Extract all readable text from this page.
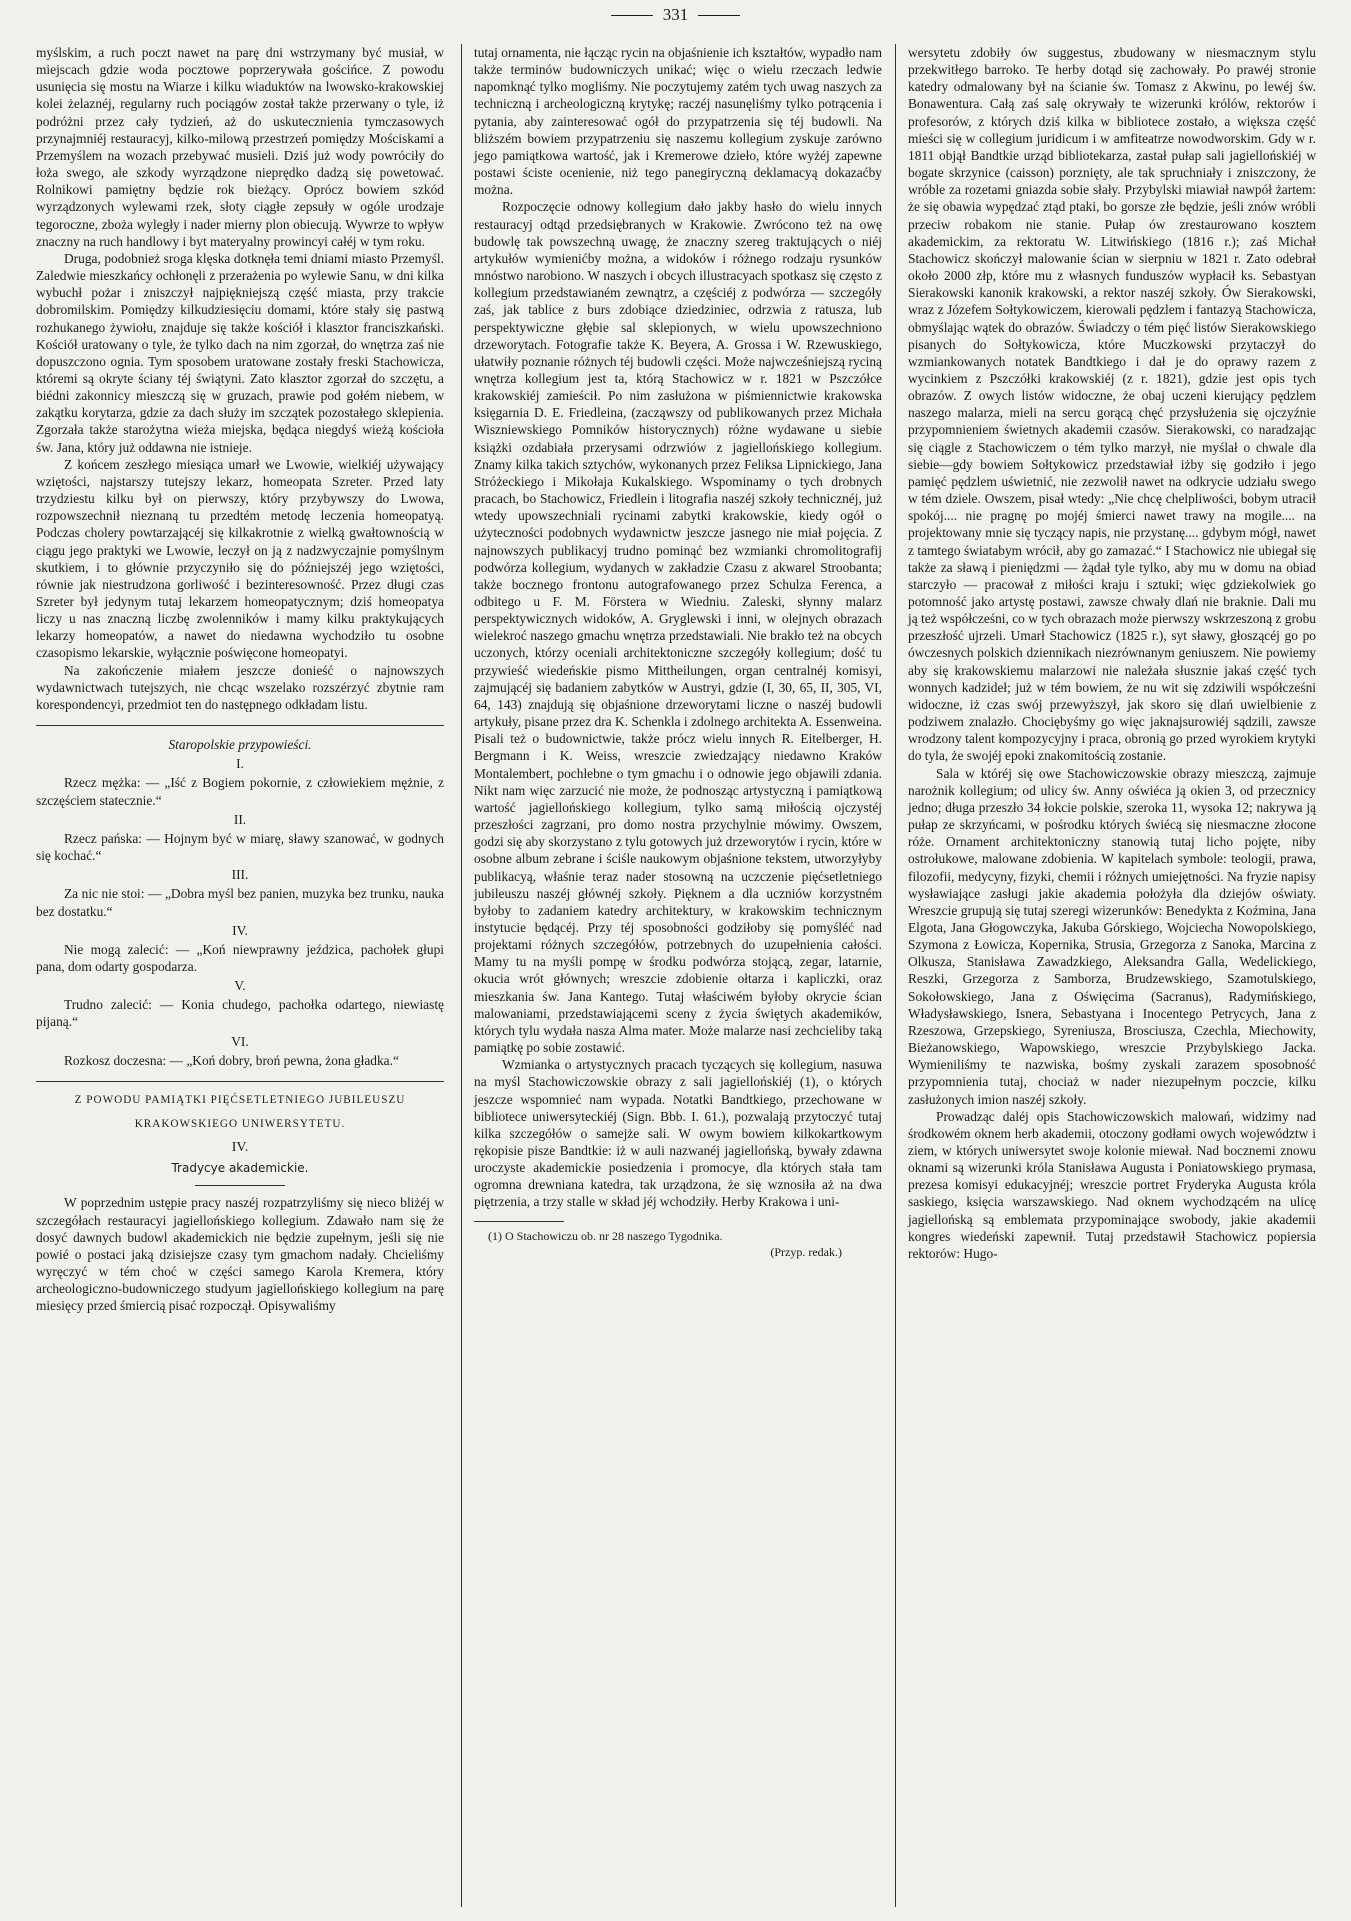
331

myślskim, a ruch poczt nawet na parę dni wstrzymany być musiał, w miejscach gdzie woda pocztowe poprzerywała gościńce. Z powodu usunięcia się mostu na Wiarze i kilku wiaduktów na lwowsko-krakowskiej kolei żelaznéj, regularny ruch pociągów został także przerwany o tyle, iż podróżni przez cały tydzień, aż do uskutecznienia tymczasowych przynajmniéj restauracyj, kilko-milową przestrzeń pomiędzy Mościskami a Przemyślem na wozach przebywać musieli. Dziś już wody powróciły do łoża swego, ale szkody wyrządzone nieprędko dadzą się powetować. Rolnikowi pamiętny będzie rok bieżący. Oprócz bowiem szkód wyrządzonych wylewami rzek, słoty ciągłe zepsuły w ogóle urodzaje tegoroczne, zboża wyległy i nader mierny plon obiecują. Wywrze to wpływ znaczny na ruch handlowy i byt materyalny prowincyi całéj w tym roku.

Druga, podobnież sroga klęska dotknęła temi dniami miasto Przemyśl. Zaledwie mieszkańcy ochłonęli z przerażenia po wylewie Sanu, w dni kilka wybuchł pożar i zniszczył najpiękniejszą część miasta, przy trakcie dobromilskim. Pomiędzy kilkudziesięciu domami, które stały się pastwą rozhukanego żywiołu, znajduje się także kościół i klasztor franciszkański. Kościół uratowany o tyle, że tylko dach na nim zgorzał, do wnętrza zaś nie dopuszczono ognia. Tym sposobem uratowane zostały freski Stachowicza, któremi są okryte ściany téj świątyni. Zato klasztor zgorzał do szczętu, a biédni zakonnicy mieszczą się w gruzach, prawie pod gołém niebem, w zakątku korytarza, gdzie za dach służy im szczątek pozostałego sklepienia. Zgorzała także starożytna wieża miejska, będąca niegdyś wieżą kościoła św. Jana, który już oddawna nie istnieje.

Z końcem zeszłego miesiąca umarł we Lwowie, wielkiéj używający wziętości, najstarszy tutejszy lekarz, homeopata Szreter. Przed laty trzydziestu kilku był on pierwszy, który przybywszy do Lwowa, rozpowszechnił nieznaną tu przedtém metodę leczenia homeopatyą. Podczas cholery powtarzającéj się kilkakrotnie z wielką gwałtownością w ciągu jego praktyki we Lwowie, leczył on ją z nadzwyczajnie pomyślnym skutkiem, i to głównie przyczyniło się do późniejszéj jego wziętości, równie jak niestrudzona gorliwość i bezinteresowność. Przez długi czas Szreter był jedynym tutaj lekarzem homeopatycznym; dziś homeopatya liczy u nas znaczną liczbę zwolenników i mamy kilku praktykujących lekarzy homeopatów, a nawet do niedawna wychodziło tu osobne czasopismo lekarskie, wyłącznie poświęcone homeopatyi.

Na zakończenie miałem jeszcze donieść o najnowszych wydawnictwach tutejszych, nie chcąc wszelako rozszérzyć zbytnie ram korespondencyi, przedmiot ten do następnego odkładam listu.

Staropolskie przypowieści.
I.

Rzecz mężka: — „Iść z Bogiem pokornie, z człowiekiem mężnie, z szczęściem statecznie.“

II.

Rzecz pańska: — Hojnym być w miarę, sławy szanować, w godnych się kochać.“

III.

Za nic nie stoi: — „Dobra myśl bez panien, muzyka bez trunku, nauka bez dostatku.“

IV.

Nie mogą zalecić: — „Koń niewprawny jeździca, pachołek głupi pana, dom odarty gospodarza.

V.

Trudno zalecić: — Konia chudego, pachołka odartego, niewiastę pijaną.“

VI.

Rozkosz doczesna: — „Koń dobry, broń pewna, żona gładka.“

Z POWODU PAMIĄTKI PIĘĆSETLETNIEGO JUBILEUSZU
KRAKOWSKIEGO UNIWERSYTETU.
IV.
Tradycye akademickie.

W poprzednim ustępie pracy naszéj rozpatrzyliśmy się nieco bliżéj w szczegółach restauracyi jagiellońskiego kollegium. Zdawało nam się że dosyć dawnych budowl akademickich nie będzie zupełnym, jeśli się nie powié o postaci jaką dzisiejsze czasy tym gmachom nadały. Chcieliśmy wyręczyć w tém choć w części samego Karola Kremera, który archeologiczno-budowniczego studyum jagiellońskiego kollegium na parę miesięcy przed śmiercią pisać rozpoczął. Opisywaliśmy

tutaj ornamenta, nie łącząc rycin na objaśnienie ich kształtów, wypadło nam także terminów budowniczych unikać; więc o wielu rzeczach ledwie napomknąć tylko mogliśmy. Nie poczytujemy zatém tych uwag naszych za techniczną i archeologiczną krytykę; raczéj nasunęliśmy tylko potrącenia i pytania, aby zainteresować ogół do przypatrzenia się téj budowli. Na bliższém bowiem przypatrzeniu się naszemu kollegium zyskuje zarówno jego pamiątkowa wartość, jak i Kremerowe dzieło, które wyżéj zapewne postawi ściste ocenienie, niż tego panegiryczną deklamacyą dokazaćby można.

Rozpoczęcie odnowy kollegium dało jakby hasło do wielu innych restauracyj odtąd przedsiębranych w Krakowie. Zwrócono też na owę budowlę tak powszechną uwagę, że znaczny szereg traktujących o niéj artykułów wymienićby można, a widoków i różnego rodzaju rysunków mnóstwo narobiono. W naszych i obcych illustracyach spotkasz się często z kollegium przedstawianém zewnątrz, a częściéj z podwórza — szczegóły zaś, jak tablice z burs zdobiące dziedziniec, odrzwia z ratusza, lub perspektywiczne głębie sal sklepionych, w wielu upowszechniono drzeworytach. Fotografie także K. Beyera, A. Grossa i W. Rzewuskiego, ułatwiły poznanie różnych téj budowli części. Może najwcześniejszą ryciną wnętrza kollegium jest ta, którą Stachowicz w r. 1821 w Pszczółce krakowskiéj zamieścił. Po nim zasłużona w piśmiennictwie krakowska księgarnia D. E. Friedleina, (zacząwszy od publikowanych przez Michała Wiszniewskiego Pomników historycznych) różne wydawane u siebie książki ozdabiała przerysami odrzwiów z jagiellońskiego kollegium. Znamy kilka takich sztychów, wykonanych przez Feliksa Lipnickiego, Jana Stróżeckiego i Mikołaja Kukalskiego. Wspominamy o tych drobnych pracach, bo Stachowicz, Friedlein i litografia naszéj szkoły technicznéj, już wtedy upowszechniali rycinami zabytki krakowskie, kiedy ogół o użyteczności podobnych wydawnictw jeszcze jasnego nie miał pojęcia. Z najnowszych publikacyj trudno pominąć bez wzmianki chromolitografij podwórza kollegium, wydanych w zakładzie Czasu z akwarel Stroobanta; także bocznego frontonu autografowanego przez Schulza Ferenca, a odbitego u F. M. Förstera w Wiedniu. Zaleski, słynny malarz perspektywicznych widoków, A. Gryglewski i inni, w olejnych obrazach wielekroć naszego gmachu wnętrza przedstawiali. Nie brakło też na obcych uczonych, którzy oceniali architektoniczne szczegóły kollegium; dość tu przywieść wiedeńskie pismo Mittheilungen, organ centralnéj komisyi, zajmującéj się badaniem zabytków w Austryi, gdzie (I, 30, 65, II, 305, VI, 64, 143) znajdują się objaśnione drzeworytami liczne o naszéj budowli artykuły, pisane przez dra K. Schenkla i zdolnego architekta A. Essenweina. Pisali też o budownictwie, także prócz wielu innych R. Eitelberger, H. Bergmann i K. Weiss, wreszcie zwiedzający niedawno Kraków Montalembert, pochlebne o tym gmachu i o odnowie jego objawili zdania. Nikt nam więc zarzucić nie może, że podnosząc artystyczną i pamiątkową wartość jagiellońskiego kollegium, tylko samą miłością ojczystéj przeszłości zagrzani, pro domo nostra przychylnie mówimy. Owszem, godzi się aby skorzystano z tylu gotowych już drzeworytów i rycin, które w osobne album zebrane i ściśle naukowym objaśnione tekstem, utworzyłyby publikacyą, właśnie teraz nader stosowną na uczczenie pięćsetletniego jubileuszu naszéj głównéj szkoły. Pięknem a dla uczniów korzystném byłoby to zadaniem katedry architektury, w krakowskim technicznym instytucie będącéj. Przy téj sposobności godziłoby się pomyśléć nad projektami różnych szczegółów, potrzebnych do uzupełnienia całości. Mamy tu na myśli pompę w środku podwórza stojącą, zegar, latarnie, okucia wrót głównych; wreszcie zdobienie ołtarza i kapliczki, oraz mieszkania św. Jana Kantego. Tutaj właściwém byłoby okrycie ścian malowaniami, przedstawiającemi sceny z życia świętych akademików, których tylu wydała nasza Alma mater. Może malarze nasi zechcieliby taką pamiątkę po sobie zostawić.

Wzmianka o artystycznych pracach tyczących się kollegium, nasuwa na myśl Stachowiczowskie obrazy z sali jagiellońskiéj (1), o których jeszcze wspomnieć nam wypada. Notatki Bandtkiego, przechowane w bibliotece uniwersyteckiéj (Sign. Bbb. I. 61.), pozwalają przytoczyć tutaj kilka szczegółów o samejże sali. W owym bowiem kilkokartkowym rękopisie pisze Bandtkie: iż w auli nazwanéj jagiellońską, bywały zdawna uroczyste akademickie posiedzenia i promocye, dla których stała tam ogromna drewniana katedra, tak urządzona, że się wznosiła aż na dwa piętrzenia, a trzy stalle w skład jéj wchodziły. Herby Krakowa i uni-

(1) O Stachowiczu ob. nr 28 naszego Tygodnika.
(Przyp. redak.)

wersytetu zdobiły ów suggestus, zbudowany w niesmacznym stylu przekwitłego barroko. Te herby dotąd się zachowały. Po prawéj stronie katedry odmalowany był na ścianie św. Tomasz z Akwinu, po lewéj św. Bonawentura. Całą zaś salę okrywały te wizerunki królów, rektorów i profesorów, z których dziś kilka w bibliotece zostało, a większa część mieści się w collegium juridicum i w amfiteatrze nowodworskim. Gdy w r. 1811 objął Bandtkie urząd bibliotekarza, zastał pułap sali jagiellońskiéj w bogate skrzynice (caisson) porznięty, ale tak spruchniały i zniszczony, że wróble za rozetami gniazda sobie słały. Przybylski miawiał nawpół żartem: że się obawia wypędzać ztąd ptaki, bo gorsze złe będzie, jeśli znów wróbli przeciw robakom nie stanie. Pułap ów zrestaurowano kosztem akademickim, za rektoratu W. Litwińskiego (1816 r.); zaś Michał Stachowicz skończył malowanie ścian w sierpniu w 1821 r. Zato odebrał około 2000 złp, które mu z własnych funduszów wypłacił ks. Sebastyan Sierakowski kanonik krakowski, a rektor naszéj szkoły. Ów Sierakowski, wraz z Józefem Sołtykowiczem, kierowali pędzlem i fantazyą Stachowicza, obmyślając wątek do obrazów. Świadczy o tém pięć listów Sierakowskiego pisanych do Sołtykowicza, które Muczkowski przytaczył do wzmiankowanych notatek Bandtkiego i dał je do oprawy razem z wycinkiem z Pszczółki krakowskiéj (z r. 1821), gdzie jest opis tych obrazów. Z owych listów widoczne, że obaj uczeni kierujący pędzlem naszego malarza, mieli na sercu gorącą chęć przysłużenia się ojczyźnie przypomnieniem świetnych akademii czasów. Sierakowski, co naradzając się ciągle z Stachowiczem o tém tylko marzył, nie myślał o chwale dla siebie—gdy bowiem Sołtykowicz przedstawiał iżby się godziło i jego pamięć pędzlem uświetnić, nie zezwolił nawet na odkrycie udziału swego w tém dziele. Owszem, pisał wtedy: „Nie chcę chelpliwości, bobym utracił spokój.... nie pragnę po mojéj śmierci nawet trawy na mogile.... na projektowany mnie się tyczący napis, nie przystanę.... gdybym mógł, nawet z tamtego światabym wrócił, aby go zamazać.“ I Stachowicz nie ubiegał się także za sławą i pieniędzmi — żądał tyle tylko, aby mu w domu na obiad starczyło — pracował z miłości kraju i sztuki; więc gdziekolwiek go potomność jako artystę postawi, zawsze chwały dlań nie braknie. Dali mu ją też współcześni, co w tych obrazach może pierwszy wskrzeszoną z grobu przeszłość ujrzeli. Umarł Stachowicz (1825 r.), syt sławy, głoszącéj go po ówczesnych polskich dziennikach niezrównanym geniuszem. Nie powiemy aby się krakowskiemu malarzowi nie należała słusznie jakaś część tych wonnych kadzideł; już w tém bowiem, że nu wit się zdziwili współcześni widoczne, iż czas swój przewyższył, jak skoro się dlań uwielbienie z podziwem znalazło. Chociębyśmy go więc jaknajsurowiéj sądzili, zawsze wrodzony talent kompozycyjny i praca, obronią go przed wyrokiem krytyki do tyla, że swojéj epoki znakomitością zostanie.

Sala w któréj się owe Stachowiczowskie obrazy mieszczą, zajmuje narożnik kollegium; od ulicy św. Anny oświéca ją okien 3, od przecznicy jedno; długa przeszło 34 łokcie polskie, szeroka 11, wysoka 12; nakrywa ją pułap ze skrzyńcami, w pośrodku których świécą się niesmaczne złocone róże. Ornament architektoniczny stanowią tutaj licho pojęte, niby ostrołukowe, malowane zdobienia. W kapitelach symbole: teologii, prawa, filozofii, medycyny, fizyki, chemii i różnych umiejętności. Na fryzie napisy wysławiające zasługi jakie akademia położyła dla dziejów oświaty. Wreszcie grupują się tutaj szeregi wizerunków: Benedykta z Koźmina, Jana Elgota, Jana Głogowczyka, Jakuba Górskiego, Wojciecha Nowopolskiego, Szymona z Łowicza, Kopernika, Strusia, Grzegorza z Sanoka, Marcina z Olkusza, Stanisława Zawadzkiego, Aleksandra Galla, Wedelickiego, Reszki, Grzegorza z Samborza, Brudzewskiego, Szamotulskiego, Sokołowskiego, Jana z Oświęcima (Sacranus), Radymińskiego, Władysławskiego, Isnera, Sebastyana i Inocentego Petrycych, Jana z Rzeszowa, Grzepskiego, Syreniusza, Brosciusza, Czechla, Miechowity, Bieżanowskiego, Wapowskiego, wreszcie Przybylskiego Jacka. Wymieniliśmy te nazwiska, bośmy zyskali zarazem sposobność przypomnienia tutaj, chociaż w nader niezupełnym poczcie, kilku zasłużonych imion naszéj szkoły.

Prowadząc daléj opis Stachowiczowskich malowań, widzimy nad środkowém oknem herb akademii, otoczony godłami owych województw i ziem, w których uniwersytet swoje kolonie miewał. Nad bocznemi znowu oknami są wizerunki króla Stanisława Augusta i Poniatowskiego prymasa, prezesa komisyi edukacyjnéj; wreszcie portret Fryderyka Augusta króla saskiego, księcia warszawskiego. Nad oknem wychodzącém na ulicę jagiellońską są emblemata przypominające swobody, jakie akademii kongres wiedeński zapewnił. Tutaj przedstawił Stachowicz popiersia rektorów: Hugo-
